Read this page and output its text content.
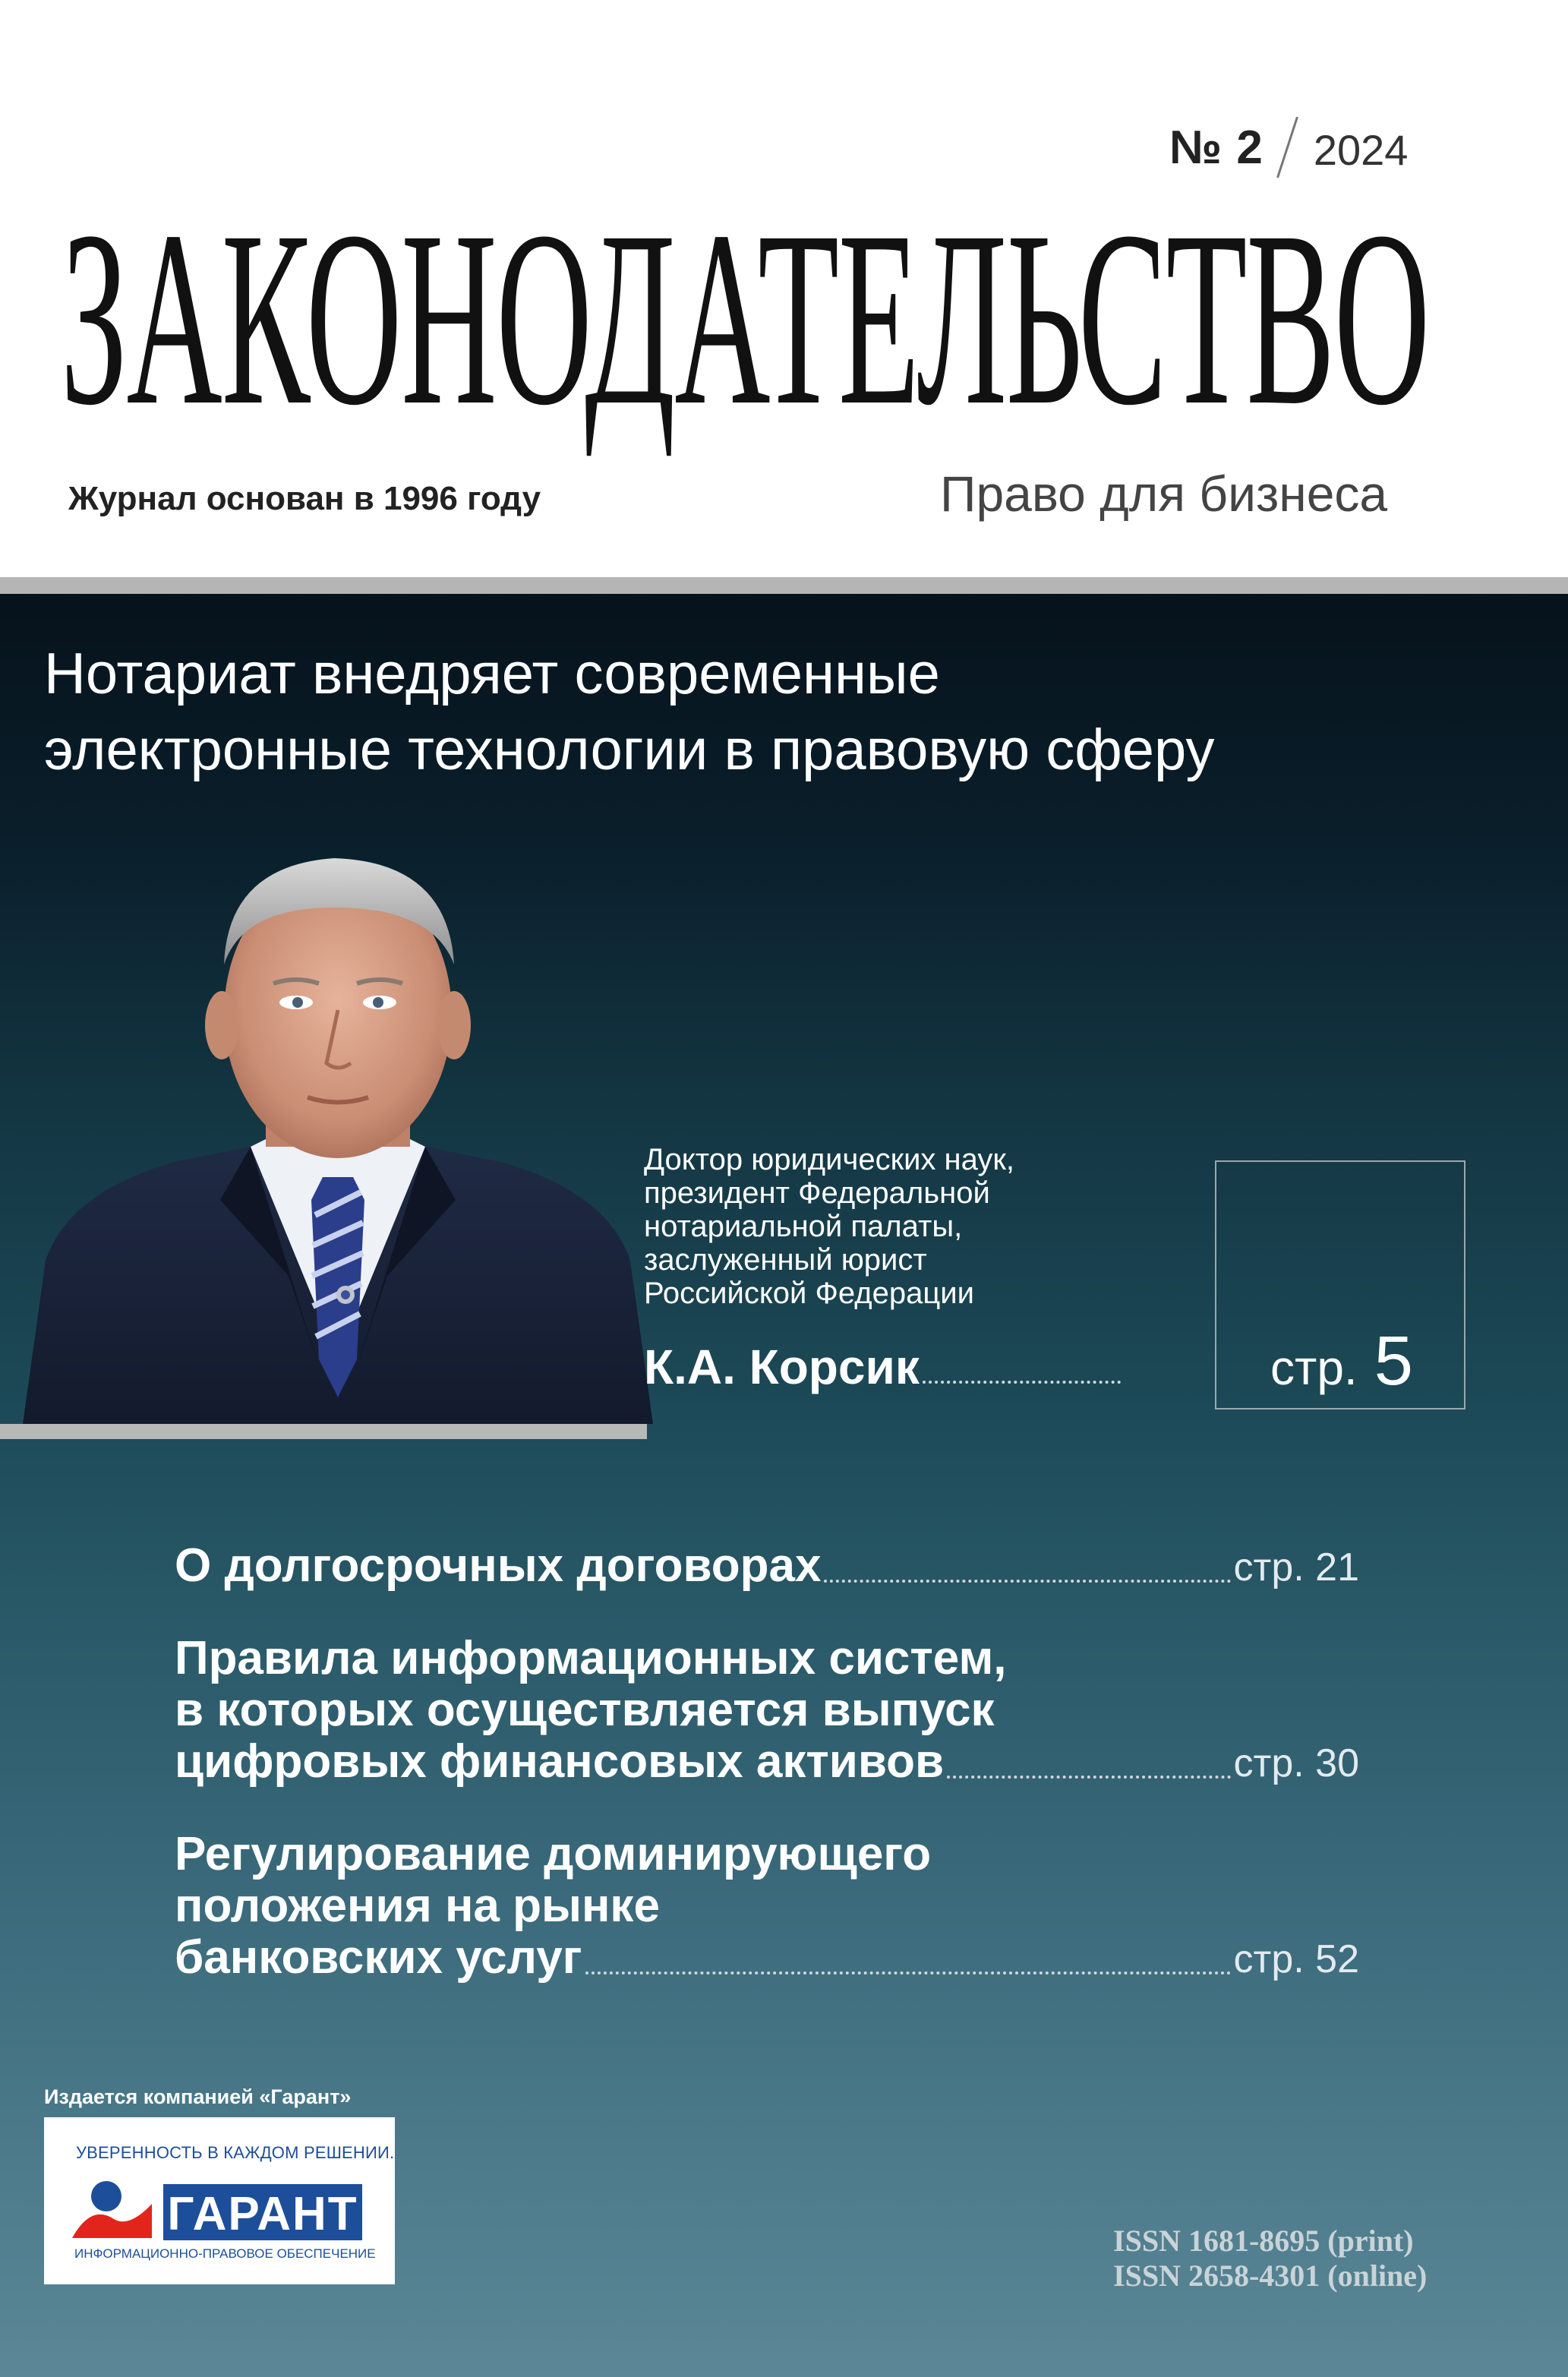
№ 2 2024
ЗАКОНОДАТЕЛЬСТВО
Журнал основан в 1996 году	Право для бизнеса
Нотариат внедряет современные
электронные технологии в правовую сферу
Доктор юридических наук,
президент Федеральной
нотариальной палаты,
заслуженный юрист
Российской Федерации
К.А. Корсик	стр. 5
О долгосрочных договорах	стр. 21
Правила информационных систем,
в которых осуществляется выпуск
цифровых финансовых активов	стр. 30
Регулирование доминирующего
положения на рынке
банковских услуг	стр. 52
Издается компанией «Гарант»
УВЕРЕННОСТЬ В КАЖДОМ РЕШЕНИИ.
ГАРАНТ
ИНФОРМАЦИОННО-ПРАВОВОЕ ОБЕСПЕЧЕНИЕ	ISSN 1681-8695 (print)
ISSN 2658-4301 (online)
